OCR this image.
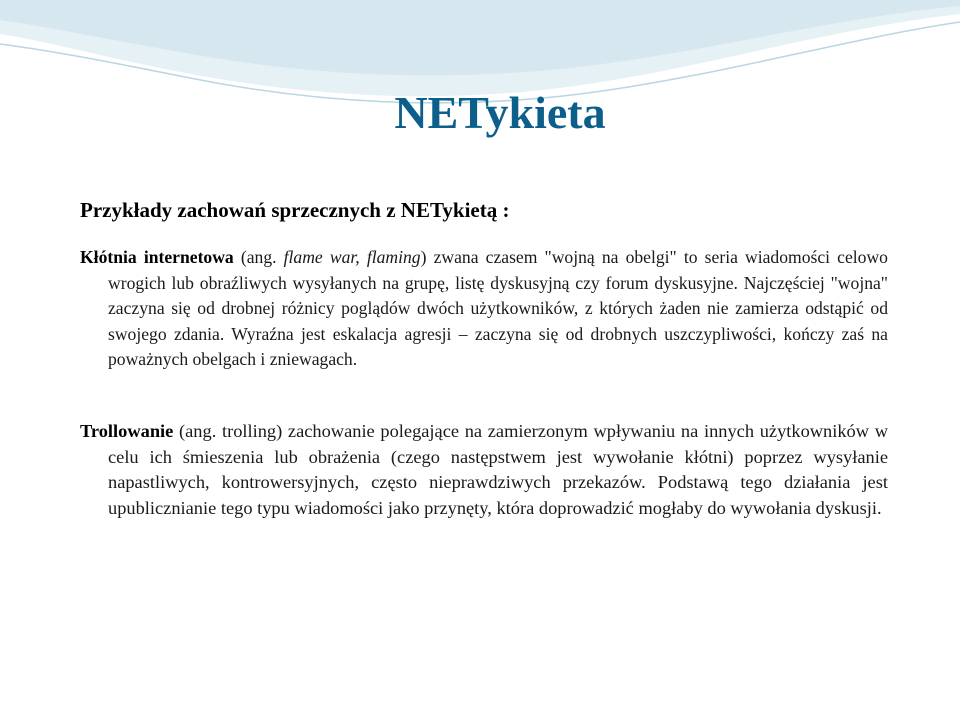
NETykieta

Przykłady zachowań sprzecznych z NETykietą :

Kłótnia internetowa (ang. flame war, flaming) zwana czasem "wojną na obelgi" to seria wiadomości celowo wrogich lub obraźliwych wysyłanych na grupę, listę dyskusyjną czy forum dyskusyjne. Najczęściej "wojna" zaczyna się od drobnej różnicy poglądów dwóch użytkowników, z których żaden nie zamierza odstąpić od swojego zdania. Wyraźna jest eskalacja agresji – zaczyna się od drobnych uszczypliwości, kończy zaś na poważnych obelgach i zniewagach.

Trollowanie (ang. trolling) zachowanie polegające na zamierzonym wpływaniu na innych użytkowników w celu ich śmieszenia lub obrażenia (czego następstwem jest wywołanie kłótni) poprzez wysyłanie napastliwych, kontrowersyjnych, często nieprawdziwych przekazów. Podstawą tego działania jest upublicznianie tego typu wiadomości jako przynęty, która doprowadzić mogłaby do wywołania dyskusji.
